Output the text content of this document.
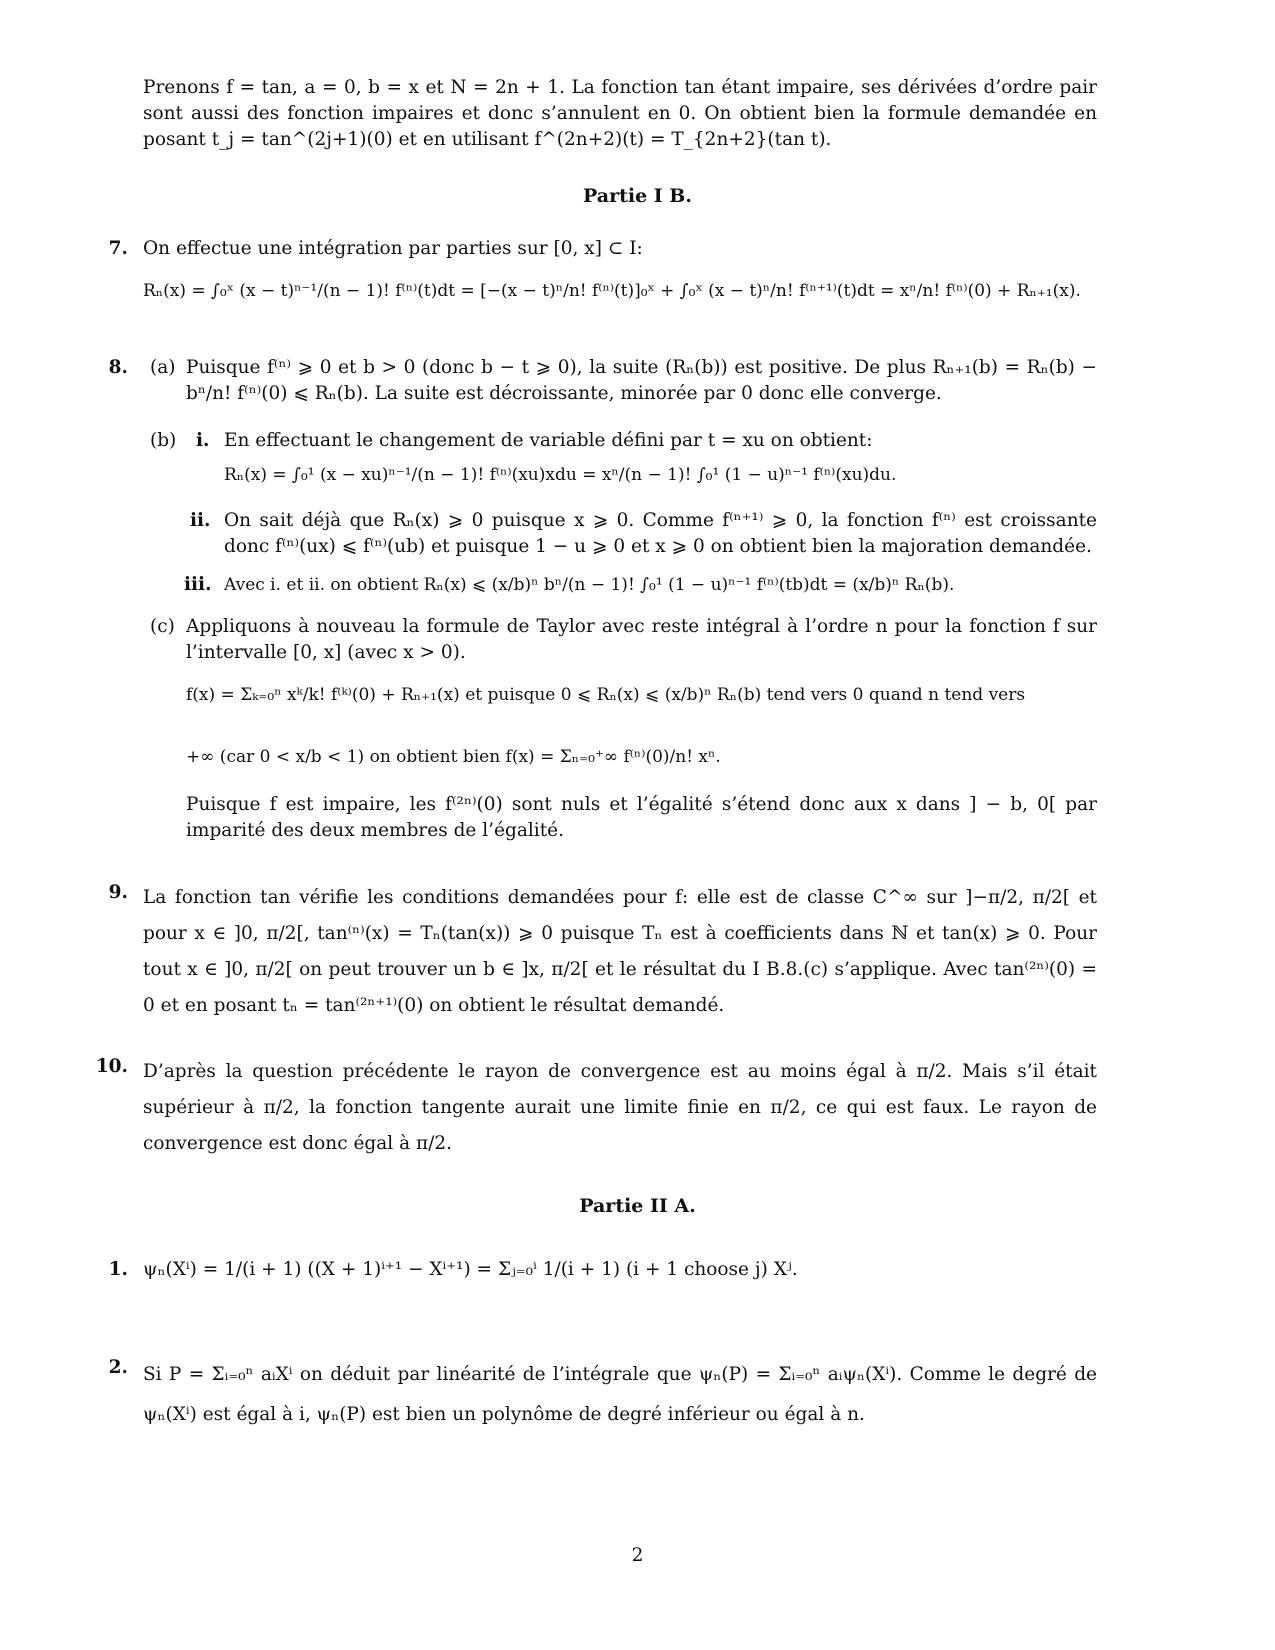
Prenons f = tan, a = 0, b = x et N = 2n + 1. La fonction tan étant impaire, ses dérivées d’ordre pair sont aussi des fonction impaires et donc s’annulent en 0. On obtient bien la formule demandée en posant t_j = tan^(2j+1)(0) et en utilisant f^(2n+2)(t) = T_{2n+2}(tan t).
Partie I B.
7. On effectue une intégration par parties sur [0, x] ⊂ I:
Rₙ(x) = ∫₀ˣ (x − t)ⁿ⁻¹/(n − 1)! f⁽ⁿ⁾(t)dt = [−(x − t)ⁿ/n! f⁽ⁿ⁾(t)]₀ˣ + ∫₀ˣ (x − t)ⁿ/n! f⁽ⁿ⁺¹⁾(t)dt = xⁿ/n! f⁽ⁿ⁾(0) + Rₙ₊₁(x).
8. (a) Puisque f⁽ⁿ⁾ ⩾ 0 et b > 0 (donc b − t ⩾ 0), la suite (Rₙ(b)) est positive. De plus Rₙ₊₁(b) = Rₙ(b) − bⁿ/n! f⁽ⁿ⁾(0) ⩽ Rₙ(b). La suite est décroissante, minorée par 0 donc elle converge.
(b) i. En effectuant le changement de variable défini par t = xu on obtient:
Rₙ(x) = ∫₀¹ (x − xu)ⁿ⁻¹/(n − 1)! f⁽ⁿ⁾(xu)xdu = xⁿ/(n − 1)! ∫₀¹ (1 − u)ⁿ⁻¹ f⁽ⁿ⁾(xu)du.
ii. On sait déjà que Rₙ(x) ⩾ 0 puisque x ⩾ 0. Comme f⁽ⁿ⁺¹⁾ ⩾ 0, la fonction f⁽ⁿ⁾ est croissante donc f⁽ⁿ⁾(ux) ⩽ f⁽ⁿ⁾(ub) et puisque 1 − u ⩾ 0 et x ⩾ 0 on obtient bien la majoration demandée.
iii. Avec i. et ii. on obtient Rₙ(x) ⩽ (x/b)ⁿ bⁿ/(n − 1)! ∫₀¹ (1 − u)ⁿ⁻¹ f⁽ⁿ⁾(tb)dt = (x/b)ⁿ Rₙ(b).
(c) Appliquons à nouveau la formule de Taylor avec reste intégral à l’ordre n pour la fonction f sur l’intervalle [0, x] (avec x > 0).
f(x) = Σₖ₌₀ⁿ xᵏ/k! f⁽ᵏ⁾(0) + Rₙ₊₁(x) et puisque 0 ⩽ Rₙ(x) ⩽ (x/b)ⁿ Rₙ(b) tend vers 0 quand n tend vers
+∞ (car 0 < x/b < 1) on obtient bien f(x) = Σₙ₌₀⁺∞ f⁽ⁿ⁾(0)/n! xⁿ.
Puisque f est impaire, les f⁽²ⁿ⁾(0) sont nuls et l’égalité s’étend donc aux x dans ] − b, 0[ par imparité des deux membres de l’égalité.
9. La fonction tan vérifie les conditions demandées pour f: elle est de classe C^∞ sur ]−π/2, π/2[ et pour x ∈ ]0, π/2[, tan⁽ⁿ⁾(x) = Tₙ(tan(x)) ⩾ 0 puisque Tₙ est à coefficients dans ℕ et tan(x) ⩾ 0. Pour tout x ∈ ]0, π/2[ on peut trouver un b ∈ ]x, π/2[ et le résultat du I B.8.(c) s’applique. Avec tan⁽²ⁿ⁾(0) = 0 et en posant tₙ = tan⁽²ⁿ⁺¹⁾(0) on obtient le résultat demandé.
10. D’après la question précédente le rayon de convergence est au moins égal à π/2. Mais s’il était supérieur à π/2, la fonction tangente aurait une limite finie en π/2, ce qui est faux. Le rayon de convergence est donc égal à π/2.
Partie II A.
1. ψₙ(Xⁱ) = 1/(i + 1) ((X + 1)ⁱ⁺¹ − Xⁱ⁺¹) = Σⱼ₌₀ⁱ 1/(i + 1) (i + 1 choose j) Xʲ.
2. Si P = Σᵢ₌₀ⁿ aᵢXⁱ on déduit par linéarité de l’intégrale que ψₙ(P) = Σᵢ₌₀ⁿ aᵢψₙ(Xⁱ). Comme le degré de ψₙ(Xⁱ) est égal à i, ψₙ(P) est bien un polynôme de degré inférieur ou égal à n.
2
